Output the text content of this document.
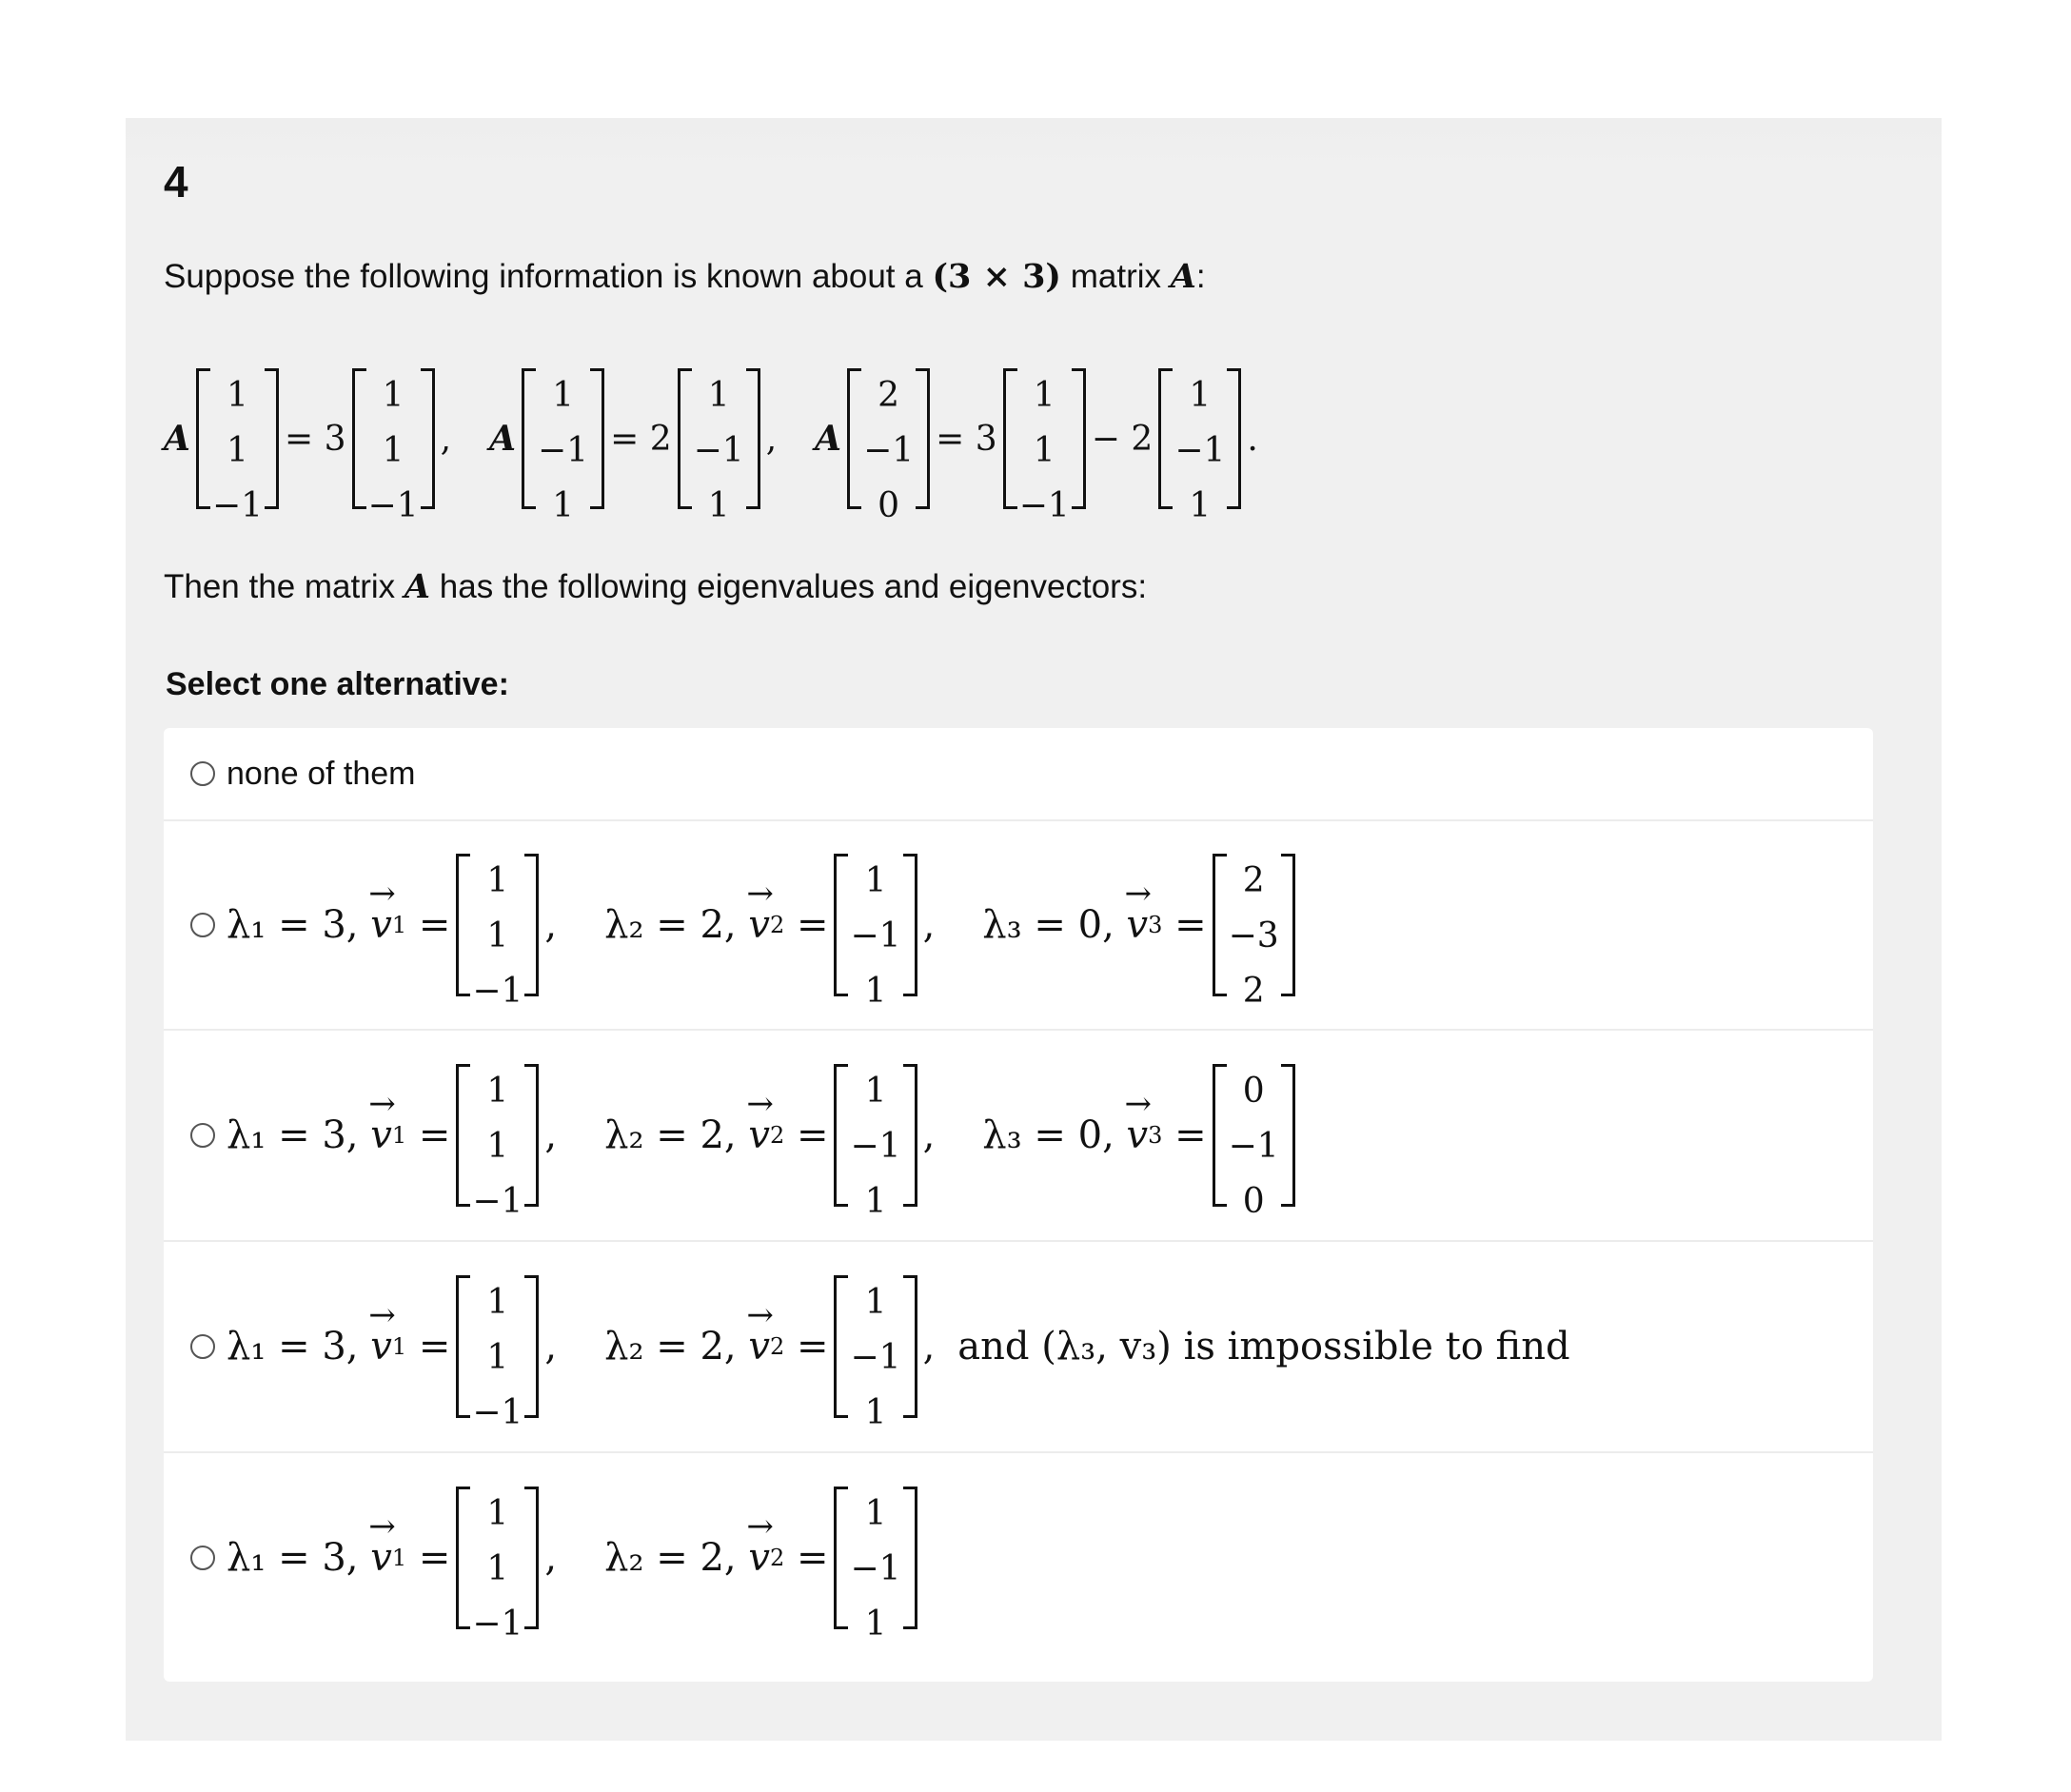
4
Suppose the following information is known about a (3 × 3) matrix A:
A
1
1
−1
=
3
1
1
−1
, A
1
−1
1
=
2
1
−1
1
, A
2
−1
0
=
3
1
1
−1
−
2
1
−1
1
.
Then the matrix A has the following eigenvalues and eigenvectors:
Select one alternative:
none of them
λ₁ = 3,
→ v 1
=
1
1
−1
, λ₂ = 2,
→ v 2
=
1
−1
1
, λ₃ = 0,
→ v 3
=
2
−3
2
λ₁ = 3,
→ v 1
=
1
1
−1
, λ₂ = 2,
→ v 2
=
1
−1
1
, λ₃ = 0,
→ v 3
=
0
−1
0
λ₁ = 3,
→ v 1
=
1
1
−1
, λ₂ = 2,
→ v 2
=
1
−1
1
, and (λ₃, v₃) is impossible to find
λ₁ = 3,
→ v 1
=
1
1
−1
, λ₂ = 2,
→ v 2
=
1
−1
1
